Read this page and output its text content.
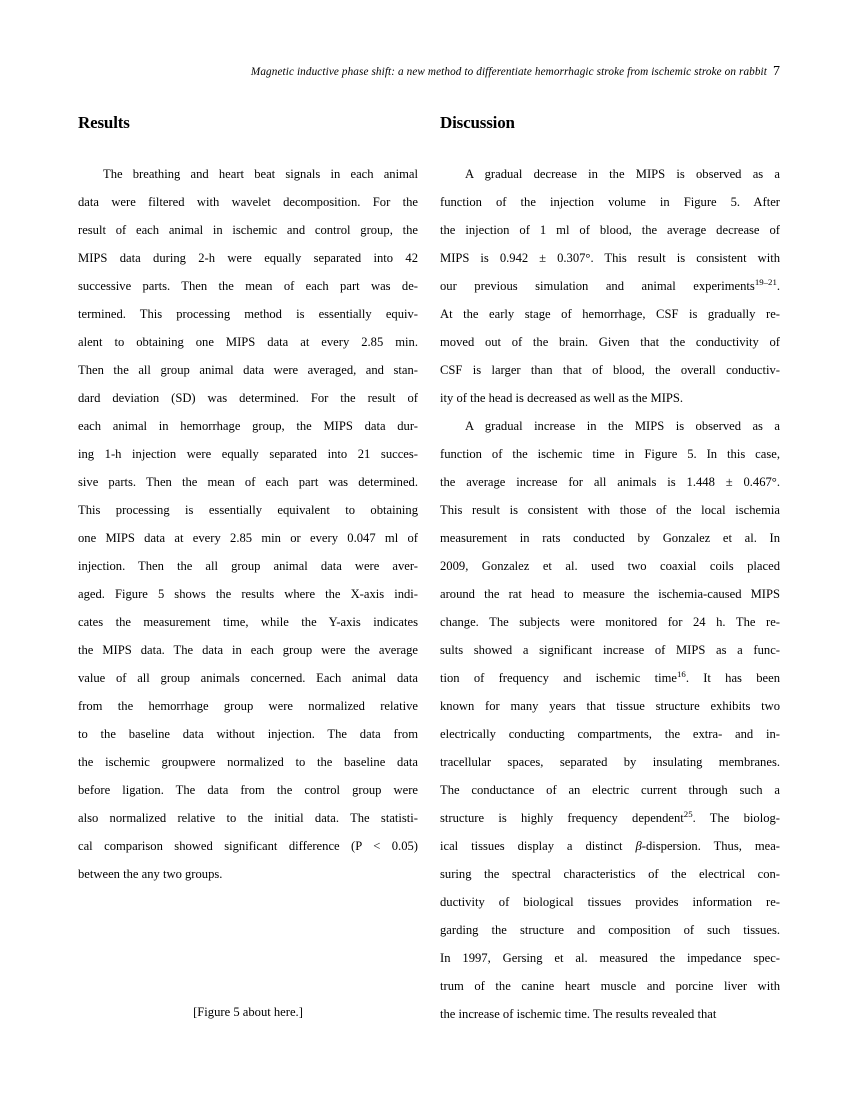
Magnetic inductive phase shift: a new method to differentiate hemorrhagic stroke from ischemic stroke on rabbit 7
Results
The breathing and heart beat signals in each animal
data were filtered with wavelet decomposition. For the
result of each animal in ischemic and control group, the
MIPS data during 2-h were equally separated into 42
successive parts. Then the mean of each part was de-
termined. This processing method is essentially equiv-
alent to obtaining one MIPS data at every 2.85 min.
Then the all group animal data were averaged, and stan-
dard deviation (SD) was determined. For the result of
each animal in hemorrhage group, the MIPS data dur-
ing 1-h injection were equally separated into 21 succes-
sive parts. Then the mean of each part was determined.
This processing is essentially equivalent to obtaining
one MIPS data at every 2.85 min or every 0.047 ml of
injection. Then the all group animal data were aver-
aged. Figure 5 shows the results where the X-axis indi-
cates the measurement time, while the Y-axis indicates
the MIPS data. The data in each group were the average
value of all group animals concerned. Each animal data
from the hemorrhage group were normalized relative
to the baseline data without injection. The data from
the ischemic groupwere normalized to the baseline data
before ligation. The data from the control group were
also normalized relative to the initial data. The statisti-
cal comparison showed significant difference (P < 0.05)
between the any two groups.
[Figure 5 about here.]
Discussion
A gradual decrease in the MIPS is observed as a
function of the injection volume in Figure 5. After
the injection of 1 ml of blood, the average decrease of
MIPS is 0.942 ± 0.307°. This result is consistent with
our previous simulation and animal experiments$^{19-21}$.
At the early stage of hemorrhage, CSF is gradually re-
moved out of the brain. Given that the conductivity of
CSF is larger than that of blood, the overall conductiv-
ity of the head is decreased as well as the MIPS.
A gradual increase in the MIPS is observed as a
function of the ischemic time in Figure 5. In this case,
the average increase for all animals is 1.448 ± 0.467°.
This result is consistent with those of the local ischemia
measurement in rats conducted by Gonzalez et al. In
2009, Gonzalez et al. used two coaxial coils placed
around the rat head to measure the ischemia-caused MIPS
change. The subjects were monitored for 24 h. The re-
sults showed a significant increase of MIPS as a func-
tion of frequency and ischemic time$^{16}$. It has been
known for many years that tissue structure exhibits two
electrically conducting compartments, the extra- and in-
tracellular spaces, separated by insulating membranes.
The conductance of an electric current through such a
structure is highly frequency dependent$^{25}$. The biolog-
ical tissues display a distinct β-dispersion. Thus, mea-
suring the spectral characteristics of the electrical con-
ductivity of biological tissues provides information re-
garding the structure and composition of such tissues.
In 1997, Gersing et al. measured the impedance spec-
trum of the canine heart muscle and porcine liver with
the increase of ischemic time. The results revealed that
